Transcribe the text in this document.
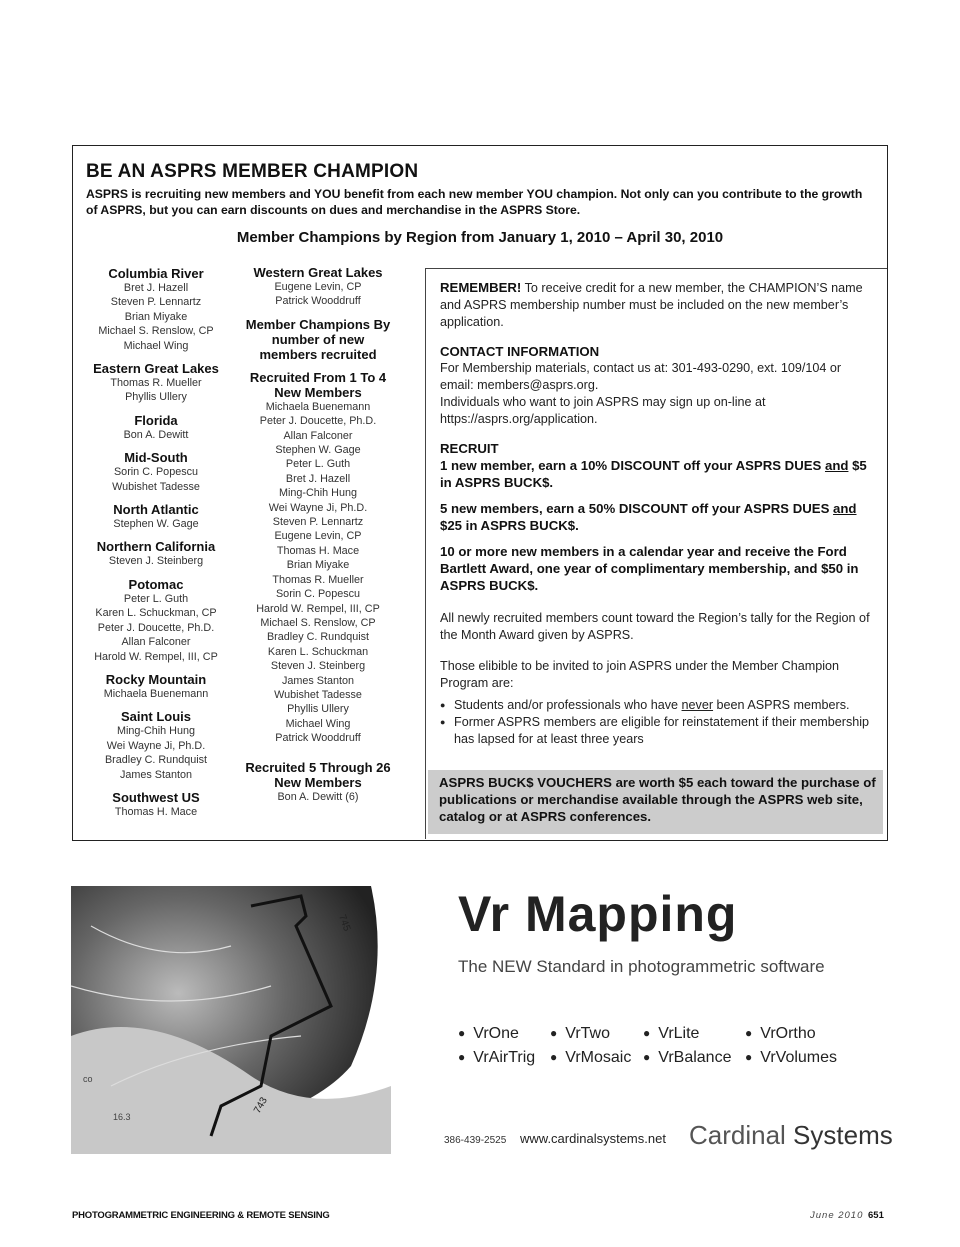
BE AN ASPRS MEMBER CHAMPION
ASPRS is recruiting new members and YOU benefit from each new member YOU champion. Not only can you contribute to the growth of ASPRS, but you can earn discounts on dues and merchandise in the ASPRS Store.
Member Champions by Region from January 1, 2010 – April 30, 2010
Columbia River
Bret J. Hazell
Steven P. Lennartz
Brian Miyake
Michael S. Renslow, CP
Michael Wing
Eastern Great Lakes
Thomas R. Mueller
Phyllis Ullery
Florida
Bon A. Dewitt
Mid-South
Sorin C. Popescu
Wubishet Tadesse
North Atlantic
Stephen W. Gage
Northern California
Steven J. Steinberg
Potomac
Peter L. Guth
Karen L. Schuckman, CP
Peter J. Doucette, Ph.D.
Allan Falconer
Harold W. Rempel, III, CP
Rocky Mountain
Michaela Buenemann
Saint Louis
Ming-Chih Hung
Wei Wayne Ji, Ph.D.
Bradley C. Rundquist
James Stanton
Southwest US
Thomas H. Mace
Western Great Lakes
Eugene Levin, CP
Patrick Wooddruff
Member Champions By number of new members recruited
Recruited From 1 To 4 New Members
Michaela Buenemann
Peter J. Doucette, Ph.D.
Allan Falconer
Stephen W. Gage
Peter L. Guth
Bret J. Hazell
Ming-Chih Hung
Wei Wayne Ji, Ph.D.
Steven P. Lennartz
Eugene Levin, CP
Thomas H. Mace
Brian Miyake
Thomas R. Mueller
Sorin C. Popescu
Harold W. Rempel, III, CP
Michael S. Renslow, CP
Bradley C. Rundquist
Karen L. Schuckman
Steven J. Steinberg
James Stanton
Wubishet Tadesse
Phyllis Ullery
Michael Wing
Patrick Wooddruff
Recruited 5 Through 26 New Members
Bon A. Dewitt (6)

REMEMBER! To receive credit for a new member, the CHAMPION’S name and ASPRS membership number must be included on the new member’s application.

CONTACT INFORMATION

For Membership materials, contact us at: 301-493-0290, ext. 109/104 or email: members@asprs.org.

Individuals who want to join ASPRS may sign up on-line at https://asprs.org/application.

RECRUIT

1 new member, earn a 10% DISCOUNT off your ASPRS DUES and $5 in ASPRS BUCK$.

5 new members, earn a 50% DISCOUNT off your ASPRS DUES and $25 in ASPRS BUCK$.

10 or more new members in a calendar year and receive the Ford Bartlett Award, one year of complimentary membership, and $50 in ASPRS BUCK$.

All newly recruited members count toward the Region’s tally for the Region of the Month Award given by ASPRS.

Those elibible to be invited to join ASPRS under the Member Champion Program are:

● Students and/or professionals who have never been ASPRS members.
● Former ASPRS members are eligible for reinstatement if their membership has lapsed for at least three years
ASPRS BUCK$ VOUCHERS are worth $5 each toward the purchase of publications or merchandise available through the ASPRS web site, catalog or at ASPRS conferences.
745
743
16.3
co
Vr Mapping
The NEW Standard in photogrammetric software
● VrOne	● VrTwo	● VrLite	● VrOrtho
● VrAirTrig	● VrMosaic	● VrBalance	● VrVolumes
386-439-2525 www.cardinalsystems.net Cardinal Systems
PHOTOGRAMMETRIC ENGINEERING & REMOTE SENSING	June 2010 651
